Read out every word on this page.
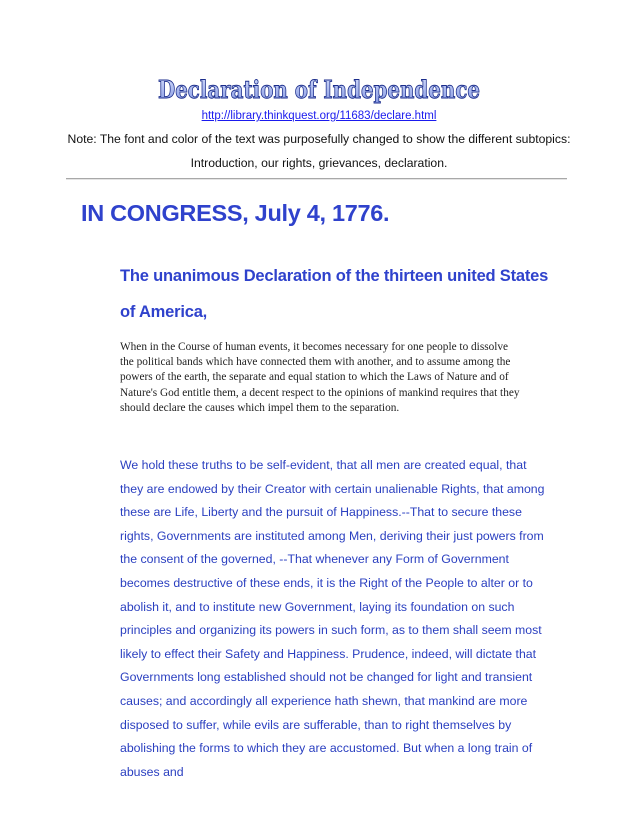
Declaration of Independence
http://library.thinkquest.org/11683/declare.html

Note: The font and color of the text was purposefully changed to show the different subtopics: Introduction, our rights, grievances, declaration.

IN CONGRESS, July 4, 1776.
The unanimous Declaration of the thirteen united States of America,

When in the Course of human events, it becomes necessary for one people to dissolve the political bands which have connected them with another, and to assume among the powers of the earth, the separate and equal station to which the Laws of Nature and of Nature's God entitle them, a decent respect to the opinions of mankind requires that they should declare the causes which impel them to the separation.

We hold these truths to be self-evident, that all men are created equal, that they are endowed by their Creator with certain unalienable Rights, that among these are Life, Liberty and the pursuit of Happiness.--That to secure these rights, Governments are instituted among Men, deriving their just powers from the consent of the governed, --That whenever any Form of Government becomes destructive of these ends, it is the Right of the People to alter or to abolish it, and to institute new Government, laying its foundation on such principles and organizing its powers in such form, as to them shall seem most likely to effect their Safety and Happiness. Prudence, indeed, will dictate that Governments long established should not be changed for light and transient causes; and accordingly all experience hath shewn, that mankind are more disposed to suffer, while evils are sufferable, than to right themselves by abolishing the forms to which they are accustomed. But when a long train of abuses and
